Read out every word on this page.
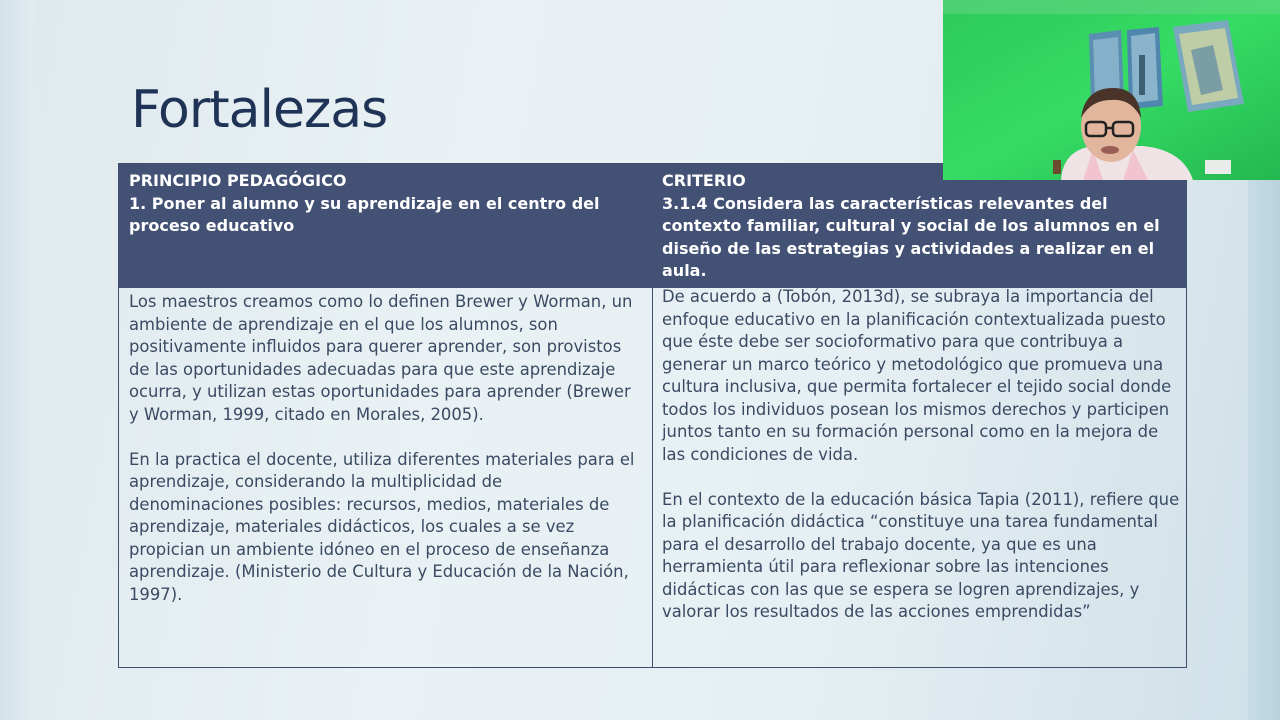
Fortalezas
PRINCIPIO PEDAGÓGICO
1. Poner al alumno y su aprendizaje en el centro del proceso educativo
CRITERIO
3.1.4 Considera las características relevantes del contexto familiar, cultural y social de los alumnos en el diseño de las estrategias y actividades a realizar en el aula.

Los maestros creamos como lo definen Brewer y Worman, un ambiente de aprendizaje en el que los alumnos, son positivamente influidos para querer aprender, son provistos de las oportunidades adecuadas para que este aprendizaje ocurra, y utilizan estas oportunidades para aprender (Brewer y Worman, 1999, citado en Morales, 2005).

En la practica el docente, utiliza diferentes materiales para el aprendizaje, considerando la multiplicidad de denominaciones posibles: recursos, medios, materiales de aprendizaje, materiales didácticos, los cuales a se vez propician un ambiente idóneo en el proceso de enseñanza aprendizaje. (Ministerio de Cultura y Educación de la Nación, 1997).

De acuerdo a (Tobón, 2013d), se subraya la importancia del enfoque educativo en la planificación contextualizada puesto que éste debe ser socioformativo para que contribuya a generar un marco teórico y metodológico que promueva una cultura inclusiva, que permita fortalecer el tejido social donde todos los individuos posean los mismos derechos y participen juntos tanto en su formación personal como en la mejora de las condiciones de vida.

En el contexto de la educación básica Tapia (2011), refiere que la planificación didáctica “constituye una tarea fundamental para el desarrollo del trabajo docente, ya que es una herramienta útil para reflexionar sobre las intenciones didácticas con las que se espera se logren aprendizajes, y valorar los resultados de las acciones emprendidas”
